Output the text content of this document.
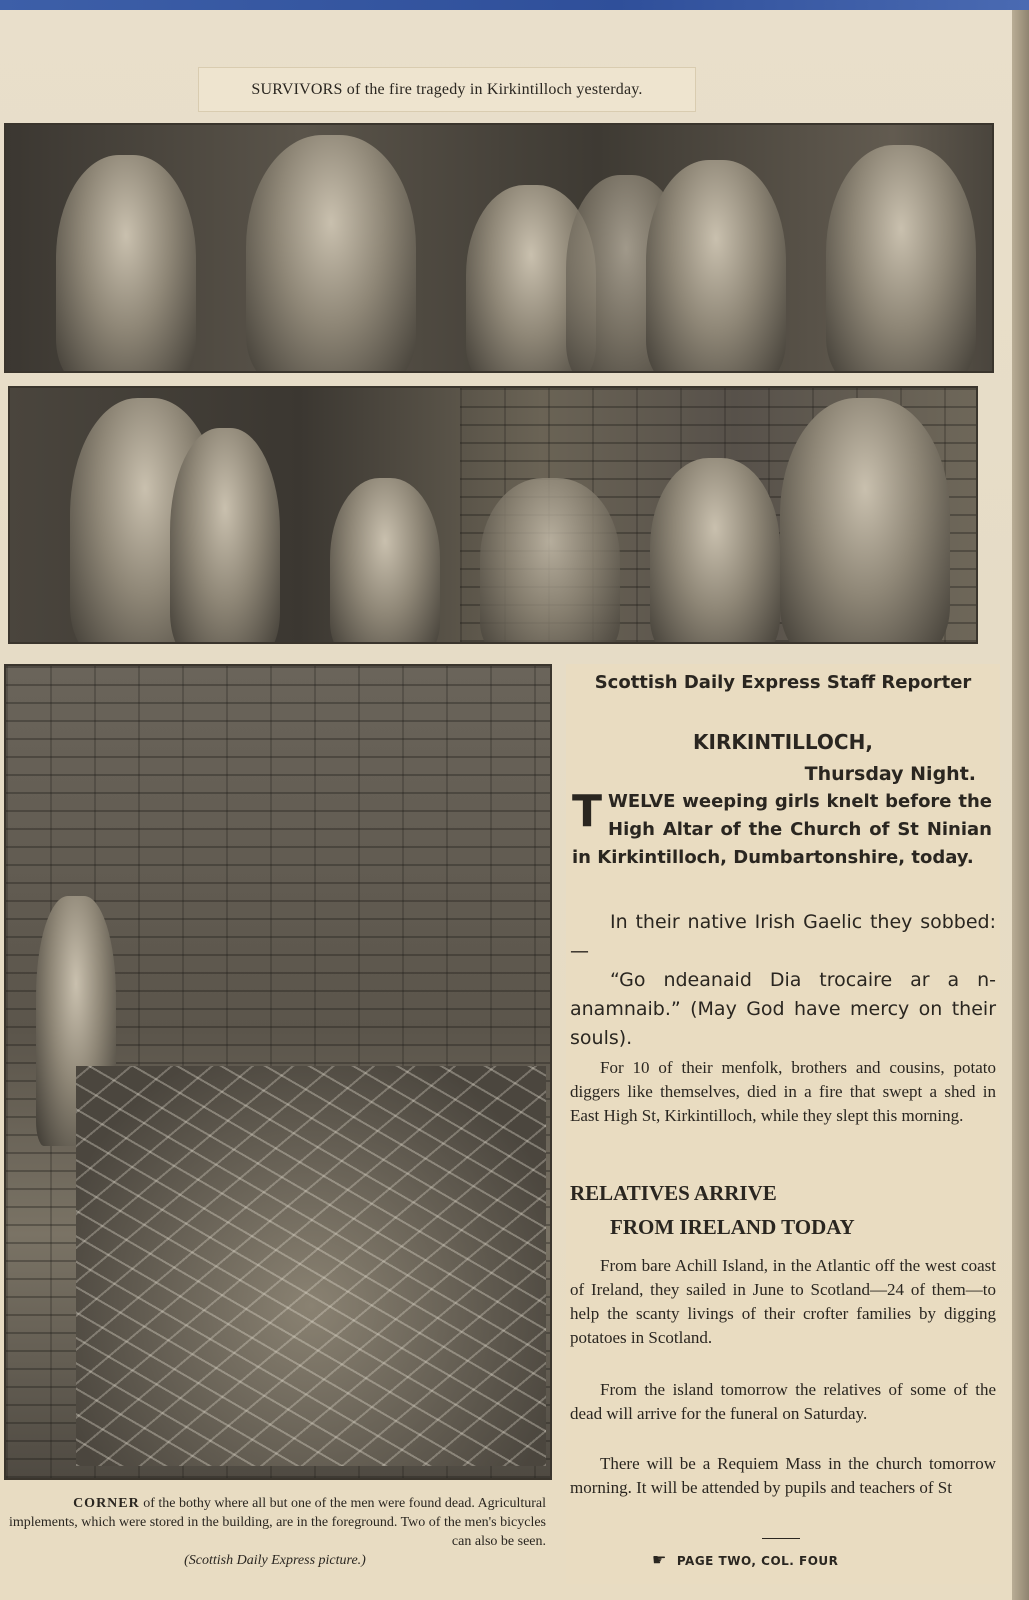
SURVIVORS of the fire tragedy in Kirkintilloch yesterday.
CORNER of the bothy where all but one of the men were found dead. Agricultural implements, which were stored in the building, are in the foreground. Two of the men's bicycles can also be seen.
(Scottish Daily Express picture.)
Scottish Daily Express Staff Reporter
KIRKINTILLOCH,
Thursday Night.
TWELVE weeping girls knelt before the High Altar of the Church of St Ninian in Kirkintilloch, Dumbartonshire, today.
In their native Irish Gaelic they sobbed:—
“Go ndeanaid Dia trocaire ar a n-anamnaib.” (May God have mercy on their souls).
For 10 of their menfolk, brothers and cousins, potato diggers like themselves, died in a fire that swept a shed in East High St, Kirkintilloch, while they slept this morning.
RELATIVES ARRIVE
FROM IRELAND TODAY
From bare Achill Island, in the Atlantic off the west coast of Ireland, they sailed in June to Scotland—24 of them—to help the scanty livings of their crofter families by digging potatoes in Scotland.
From the island tomorrow the relatives of some of the dead will arrive for the funeral on Saturday.
There will be a Requiem Mass in the church tomorrow morning. It will be attended by pupils and teachers of St
☛ PAGE TWO, COL. FOUR
